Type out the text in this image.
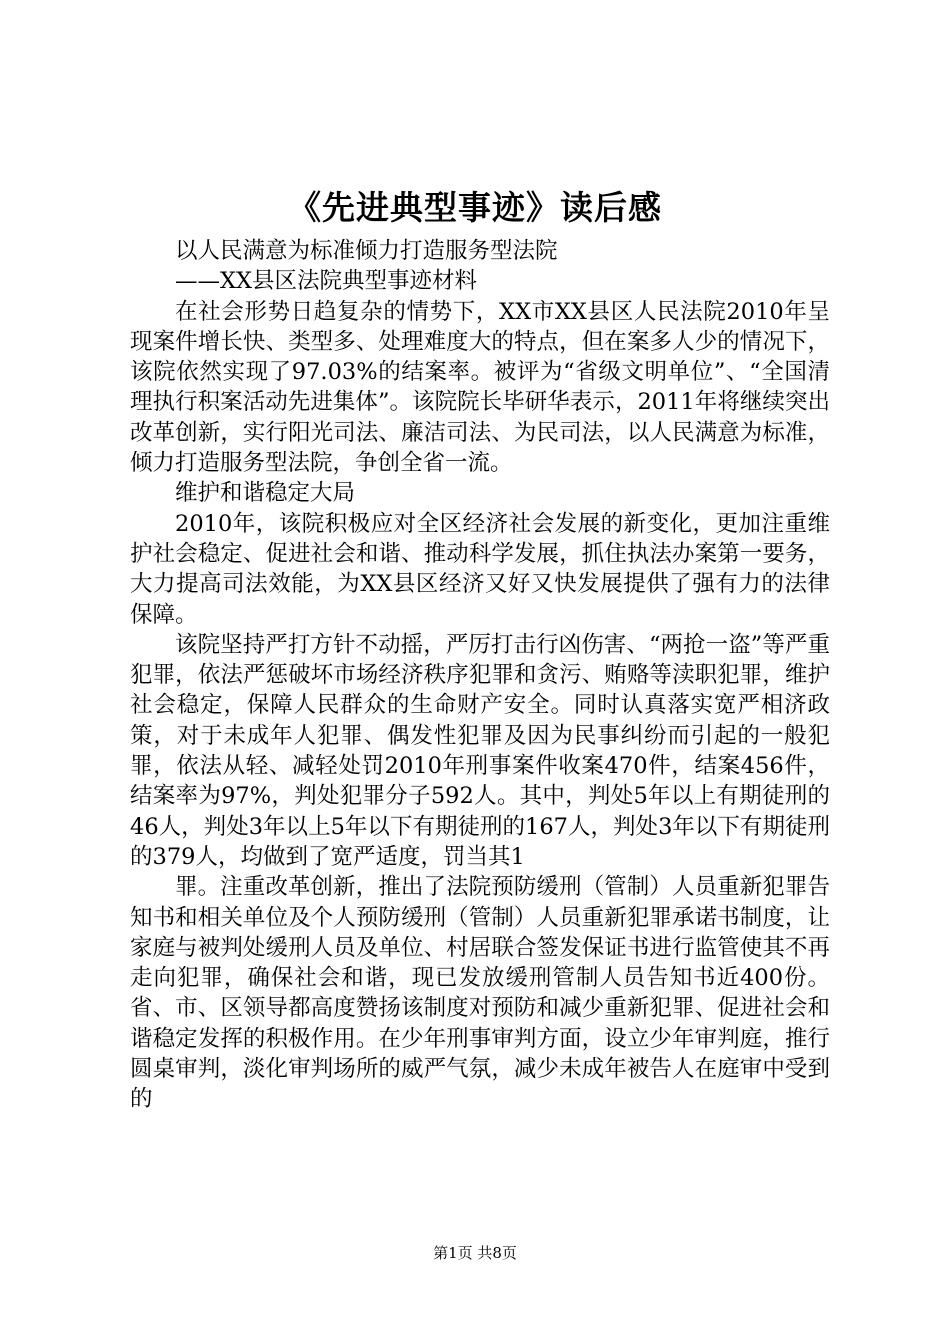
《先进典型事迹》读后感

以人民满意为标准倾力打造服务型法院

——XX县区法院典型事迹材料

在社会形势日趋复杂的情势下，XX市XX县区人民法院2010年呈现案件增长快、类型多、处理难度大的特点，但在案多人少的情况下，该院依然实现了97.03%的结案率。被评为“省级文明单位”、“全国清理执行积案活动先进集体”。该院院长毕研华表示，2011年将继续突出改革创新，实行阳光司法、廉洁司法、为民司法，以人民满意为标准，倾力打造服务型法院，争创全省一流。

维护和谐稳定大局

2010年，该院积极应对全区经济社会发展的新变化，更加注重维护社会稳定、促进社会和谐、推动科学发展，抓住执法办案第一要务，大力提高司法效能，为XX县区经济又好又快发展提供了强有力的法律保障。

该院坚持严打方针不动摇，严厉打击行凶伤害、“两抢一盗”等严重犯罪，依法严惩破坏市场经济秩序犯罪和贪污、贿赂等渎职犯罪，维护社会稳定，保障人民群众的生命财产安全。同时认真落实宽严相济政策，对于未成年人犯罪、偶发性犯罪及因为民事纠纷而引起的一般犯罪，依法从轻、减轻处罚2010年刑事案件收案470件，结案456件，结案率为97%，判处犯罪分子592人。其中，判处5年以上有期徒刑的46人，判处3年以上5年以下有期徒刑的167人，判处3年以下有期徒刑的379人，均做到了宽严适度，罚当其1

罪。注重改革创新，推出了法院预防缓刑（管制）人员重新犯罪告知书和相关单位及个人预防缓刑（管制）人员重新犯罪承诺书制度，让家庭与被判处缓刑人员及单位、村居联合签发保证书进行监管使其不再走向犯罪，确保社会和谐，现已发放缓刑管制人员告知书近400份。省、市、区领导都高度赞扬该制度对预防和减少重新犯罪、促进社会和谐稳定发挥的积极作用。在少年刑事审判方面，设立少年审判庭，推行圆桌审判，淡化审判场所的威严气氛，减少未成年被告人在庭审中受到的

第1页 共8页
